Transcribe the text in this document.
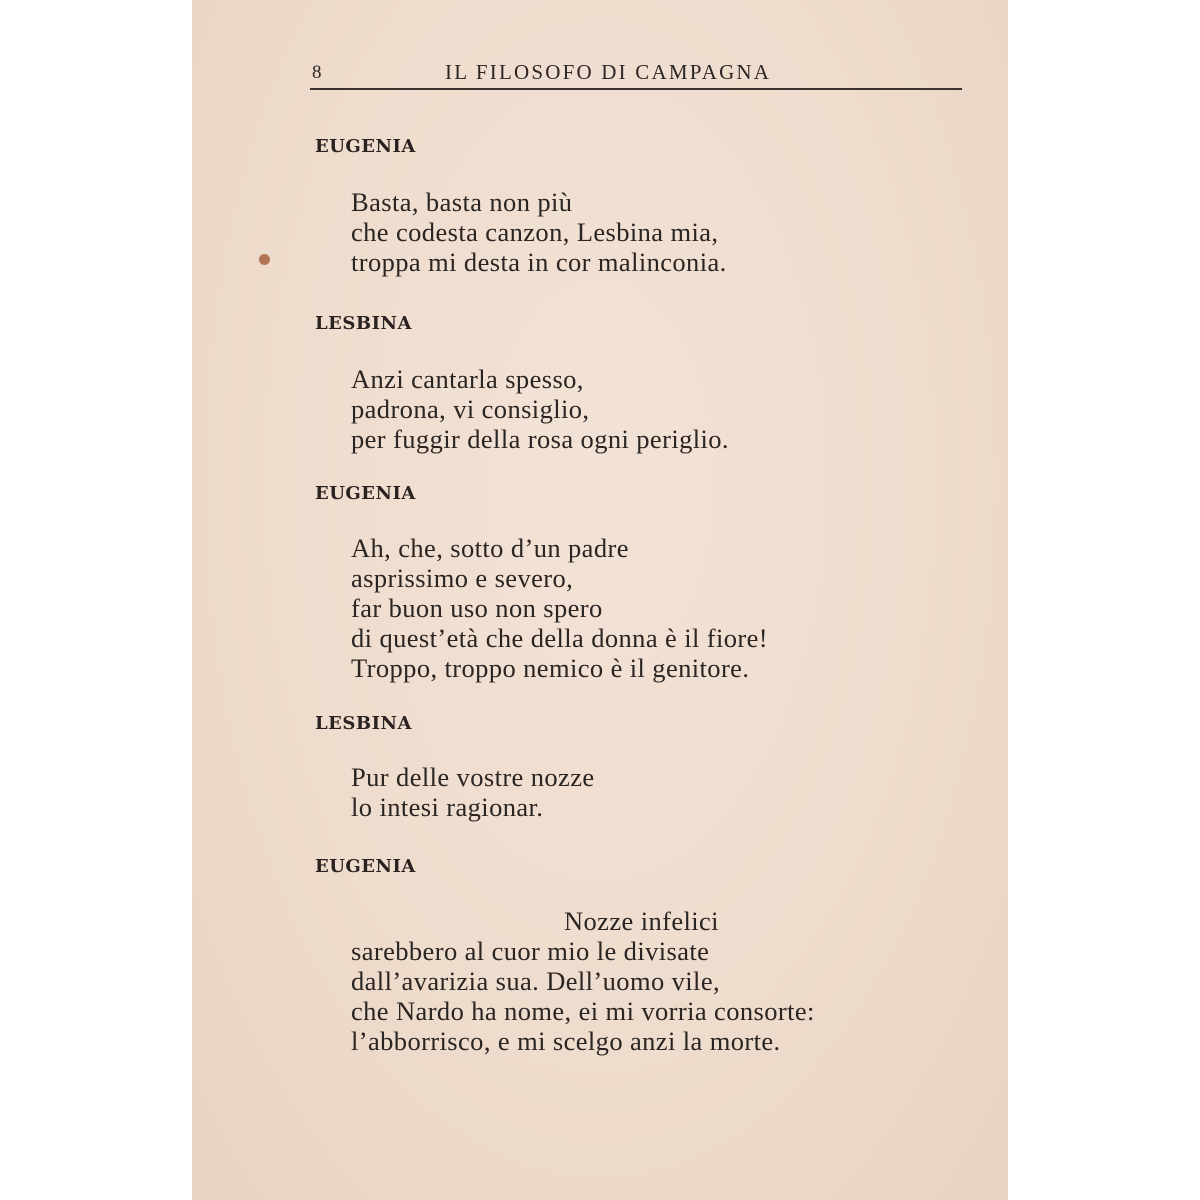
8	IL FILOSOFO DI CAMPAGNA
EUGENIA
Basta, basta non più
che codesta canzon, Lesbina mia,
troppa mi desta in cor malinconia.
LESBINA
Anzi cantarla spesso,
padrona, vi consiglio,
per fuggir della rosa ogni periglio.
EUGENIA
Ah, che, sotto d’un padre
asprissimo e severo,
far buon uso non spero
di quest’età che della donna è il fiore!
Troppo, troppo nemico è il genitore.
LESBINA
Pur delle vostre nozze
lo intesi ragionar.
EUGENIA
Nozze infelici
sarebbero al cuor mio le divisate
dall’avarizia sua. Dell’uomo vile,
che Nardo ha nome, ei mi vorria consorte:
l’abborrisco, e mi scelgo anzi la morte.
